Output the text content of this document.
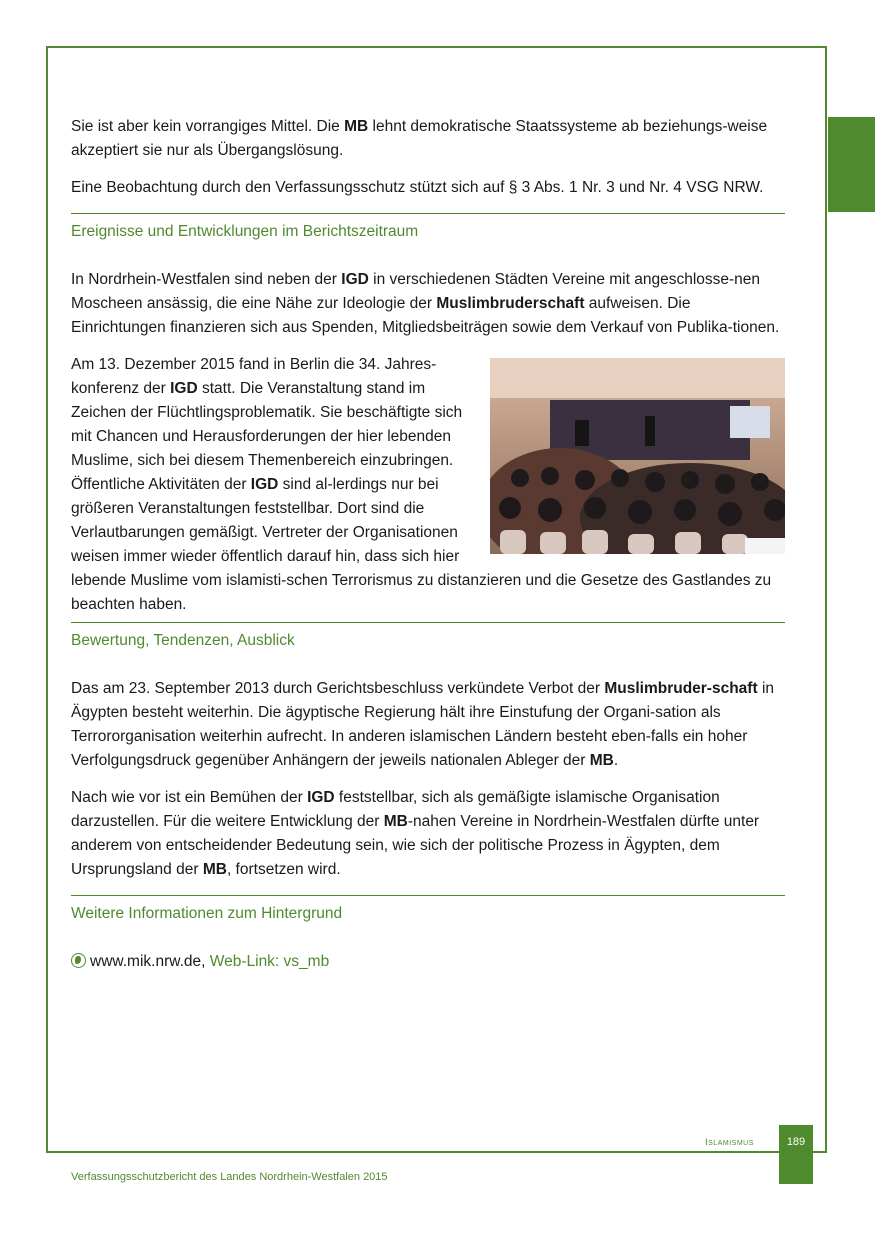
Sie ist aber kein vorrangiges Mittel. Die MB lehnt demokratische Staatssysteme ab beziehungs-weise akzeptiert sie nur als Übergangslösung.

Eine Beobachtung durch den Verfassungsschutz stützt sich auf § 3 Abs. 1 Nr. 3 und Nr. 4 VSG NRW.

Ereignisse und Entwicklungen im Berichtszeitraum

In Nordrhein-Westfalen sind neben der IGD in verschiedenen Städten Vereine mit angeschlosse-nen Moscheen ansässig, die eine Nähe zur Ideologie der Muslimbruderschaft aufweisen. Die Einrichtungen finanzieren sich aus Spenden, Mitgliedsbeiträgen sowie dem Verkauf von Publika-tionen.

Am 13. Dezember 2015 fand in Berlin die 34. Jahres-konferenz der IGD statt. Die Veranstaltung stand im Zeichen der Flüchtlingsproblematik. Sie beschäftigte sich mit Chancen und Herausforderungen der hier lebenden Muslime, sich bei diesem Themenbereich einzubringen. Öffentliche Aktivitäten der IGD sind al-lerdings nur bei größeren Veranstaltungen feststellbar. Dort sind die Verlautbarungen gemäßigt. Vertreter der Organisationen weisen immer wieder öffentlich darauf hin, dass sich hier lebende Muslime vom islamisti-schen Terrorismus zu distanzieren und die Gesetze des Gastlandes zu beachten haben.
Bewertung, Tendenzen, Ausblick

Das am 23. September 2013 durch Gerichtsbeschluss verkündete Verbot der Muslimbruder-schaft in Ägypten besteht weiterhin. Die ägyptische Regierung hält ihre Einstufung der Organi-sation als Terrororganisation weiterhin aufrecht. In anderen islamischen Ländern besteht eben-falls ein hoher Verfolgungsdruck gegenüber Anhängern der jeweils nationalen Ableger der MB.

Nach wie vor ist ein Bemühen der IGD feststellbar, sich als gemäßigte islamische Organisation darzustellen. Für die weitere Entwicklung der MB-nahen Vereine in Nordrhein-Westfalen dürfte unter anderem von entscheidender Bedeutung sein, wie sich der politische Prozess in Ägypten, dem Ursprungsland der MB, fortsetzen wird.

Weitere Informationen zum Hintergrund
www.mik.nrw.de, Web-Link: vs_mb
Islamismus	189
Verfassungsschutzbericht des Landes Nordrhein-Westfalen 2015
